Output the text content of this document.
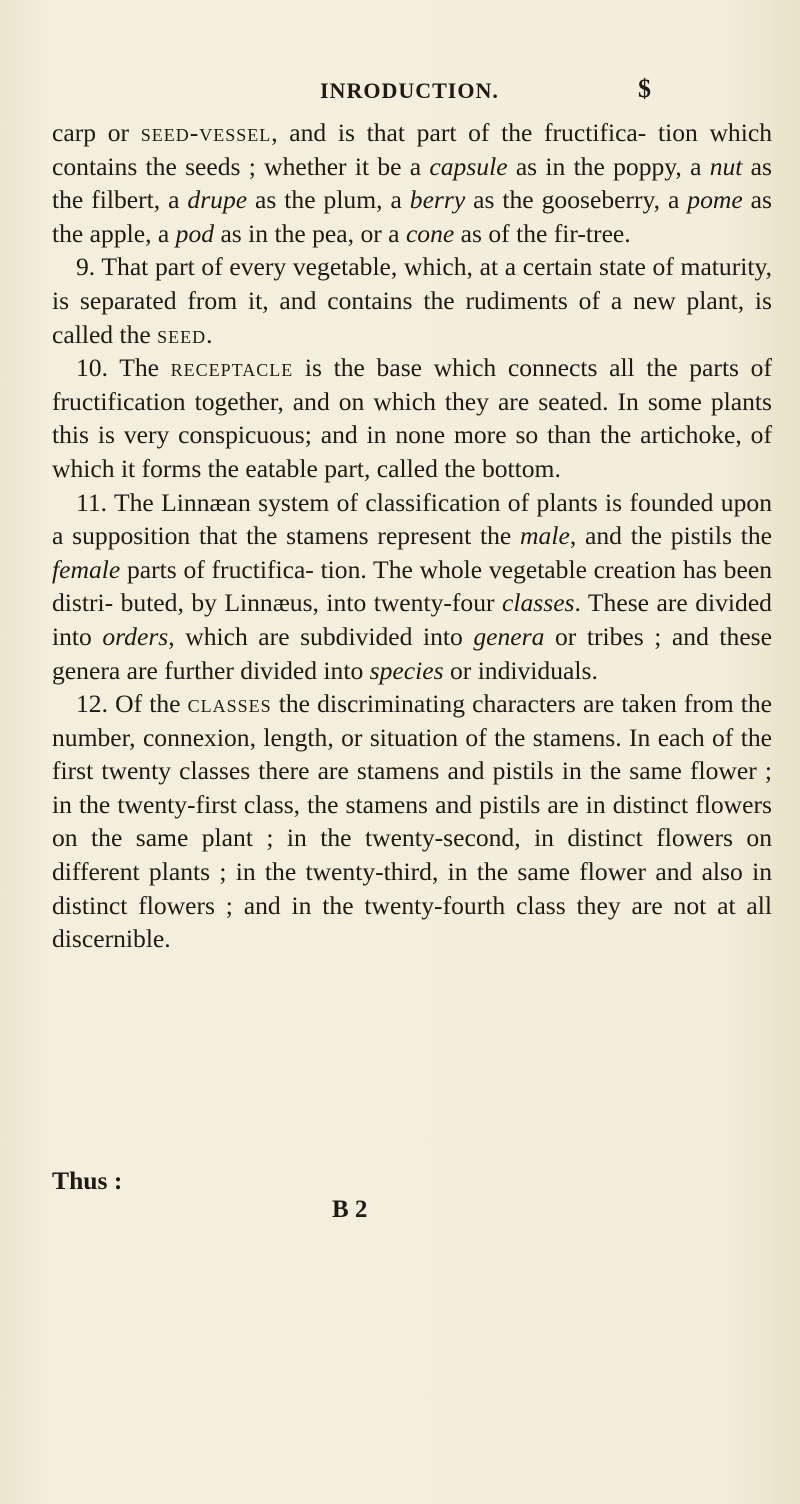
INRODUCTION.	$

carp or seed-vessel, and is that part of the fructifica- tion which contains the seeds ; whether it be a capsule as in the poppy, a nut as the filbert, a drupe as the plum, a berry as the gooseberry, a pome as the apple, a pod as in the pea, or a cone as of the fir-tree.

9. That part of every vegetable, which, at a certain state of maturity, is separated from it, and contains the rudiments of a new plant, is called the seed.

10. The receptacle is the base which connects all the parts of fructification together, and on which they are seated. In some plants this is very conspicuous; and in none more so than the artichoke, of which it forms the eatable part, called the bottom.

11. The Linnæan system of classification of plants is founded upon a supposition that the stamens represent the male, and the pistils the female parts of fructifica- tion. The whole vegetable creation has been distri- buted, by Linnæus, into twenty-four classes. These are divided into orders, which are subdivided into genera or tribes ; and these genera are further divided into species or individuals.

12. Of the classes the discriminating characters are taken from the number, connexion, length, or situation of the stamens. In each of the first twenty classes there are stamens and pistils in the same flower ; in the twenty-first class, the stamens and pistils are in distinct flowers on the same plant ; in the twenty-second, in distinct flowers on different plants ; in the twenty-third, in the same flower and also in distinct flowers ; and in the twenty-fourth class they are not at all discernible.

Thus :
B 2
